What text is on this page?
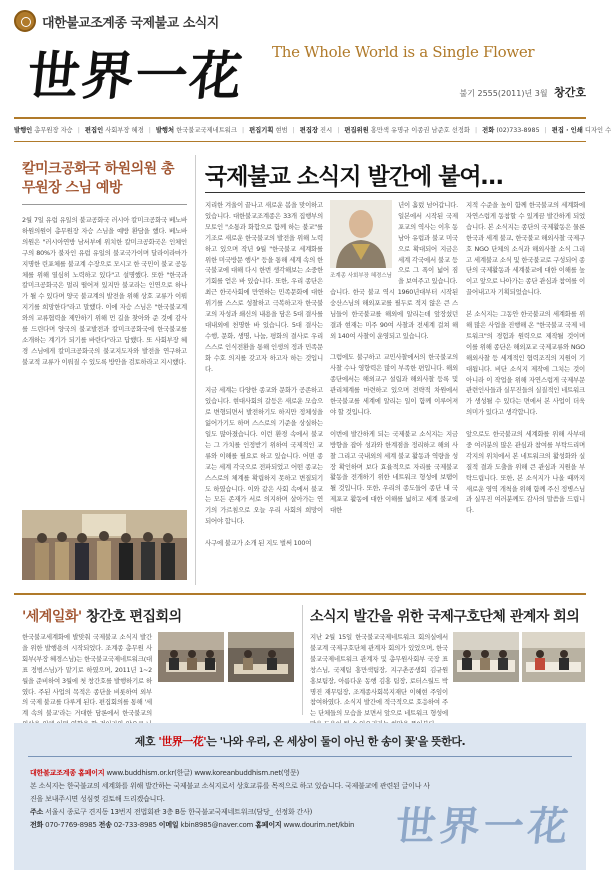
대한불교조계종 국제불교 소식지
世界一花 The Whole World is a Single Flower
불기 2555(2011)년 3월 창간호
발행인 총무원장 자승 | 편집인 사회부장 혜경 | 발행처 한국불교국제네트워크 | 편집기획 현범 | 편집장 진시 | 편집위원 홍만색 유명규 이종권 남준호 선정화 | 전화 (02)733-8985 | 편집 · 인쇄 디자인 수
칼미크공화국 하원의원 총무원장 스님 예방
2월 7일 유럽 유일의 불교공화국 러시아 칼미크공화국 베노바 하원의원이 총무원장 자승 스님을 예방 환담을 했다. 베노바 의원은 "러시아연방 남서부에 위치한 칼미크공화국은 인체인구의 80%가 불자인 유럽 유일의 불교국가이며 달라이라마가 지명한 린포체를 불교계 수장으로 모시고 한 국민이 불교 공동체를 위해 열심히 노력하고 있다"고 설명했다. 또한 "한국과 칼미크공화국은 멀리 떨어져 있지만 불교라는 인연으로 하나가 될 수 있다며 양국 불교계의 발전을 위해 상호 교류가 이뤄지기를 희망한다"라고 말했다. 이에 자승 스님은 "한국불교계와의 교류협력을 제안하기 위해 먼 길을 찾아와 준 것에 감사를 드린다며 양국의 불교발전과 칼미크공화국에 한국불교를 소개하는 계기가 되기를 바란다"라고 답했다. 또 사회부장 혜경 스님에게 칼미크공화국의 불교지도자와 발전을 연구하고 불교적 교류가 이뤄질 수 있도록 방안을 검토하라고 지시했다.
국제불교 소식지 발간에 붙여…
지리한 겨울이 끝나고 새로운 봄을 맞이하고 있습니다. 대한불교조계종은 33개 집행부의 모토인 "소통과 화합으로 함께 하는 불교"를 기조로 새로운 한국불교의 발전을 위해 노력하고 있으며 작년 9월 "한국불교 세계화를 위한 미국방문 행사" 등을 통해 세계 속의 한국불교에 대해 다시 한번 생각해보는 소중한 기회를 얻은 바 있습니다. 또한, 우리 종단은 최근 한국사회에 만연하는 민족문화에 대한 위기를 스스로 성찰하고 극복하고자 한국불교의 자성과 쇄신의 내용을 담은 5대 결사를 대내외에 천명한 바 있습니다. 5대 결사는 수행, 문화, 생명, 나눔, 평화의 결사로 우리 스스로 인식전환을 통해 인생의 정과 민족문화 수호 의지를 갖고자 하고자 하는 것입니다.

지금 세계는 다양한 종교와 문화가 공존하고 있습니다. 현대사회의 갈등은 새로운 모습으로 변형되면서 발전하기도 하지만 정체성을 잃어가기도 하며 스스로의 기준을 상실하는 일도 많아졌습니다. 이런 환경 속에서 불교는 그 가치를 인정받기 위하여 국제적인 교류와 이해를 필요로 하고 있습니다. 어떤 종교는 세계 각국으로 전파되었고 어떤 종교는 스스로의 체계를 확립하지 못하고 변질되기도 하였습니다. 이와 같은 사회 속에서 불교는 모든 존재가 서로 의지하며 살아가는 연기의 가르침으로 오늘 우리 사회의 희망이 되어야 합니다.

사구에 불교가 소개 된 지도 벌써 100여
조계종 사회부장 혜경스님
년이 흘렀 넘어갑니다. 일본에서 시작된 국제포교의 역사는 이후 동남아 유럽과 불교 미국으로 확대되어 지금은 세계 각국에서 불교 등으로 그 폭이 넓어 짐을 보여주고 있습니다.
습니다. 한국 불교 역시 1960년대부터 시작된 숭산스님의 해외포교를 필두로 적지 않은 큰 스님들이 한국불교를 해외에 알리는데 앞장섰던 결과 현재는 미주 90여 사찰과 전세계 걸쳐 해외 140여 사찰이 운영되고 있습니다.

그럼에도 불구하고 교민사찰에서의 한국불교의 사찰 수나 영향력은 많이 부족한 편입니다. 해외 종단에서는 해외교구 설립과 해외사찰 등록 및 관리체계를 마련하고 있으며 전략적 차원에서 한국불교를 세계에 알리는 일이 함께 이루어져야 할 것입니다.

이번에 발간하게 되는 국제불교 소식지는 지금 방향을 잡아 성과와 한계점을 정리하고 해외 사찰 그리고 국내외의 세계 불교 활동과 역량을 성장 확인하며 보다 효율적으로 자리를 국제불교 활동을 전개하기 위한 네트워크 형성에 보탬이 될 것입니다. 또한, 우리의 종도들이 종단 내 국제포교 활동에 대한 이해를 넓히고 세계 불교에 대한
지적 수준을 높이 함께 한국불교의 세계화에 자연스럽게 동참할 수 있게끔 발간하게 되었습니다. 본 소식지는 종단의 국제활동은 물론 한국과 세계 불교, 한국불교 해외사찰 국제구호 NGO 단체의 소식과 해외사찰 소식 그리고 세계불교 소식 및 한국불교로 구성되어 종단의 국제활동과 세계불교에 대한 이해를 높이고 앞으로 나아가는 종단 관심과 참여를 이끌어내고자 기획되었습니다.

본 소식지는 그동안 한국불교의 세계화를 위해 많은 사업을 진행해 온 "한국불교 국제 네트워크"의 경험과 원력으로 제작될 것이며 이를 위해 종단은 해외포교 국제교류와 NGO 해외사찰 등 세계적인 협력조직의 지원이 기대됩니다. 비단 소식지 제작에 그치는 것이 아니라 이 작업을 위해 자연스럽게 국제부문 관련인사들과 실무진들의 실질적인 네트워크가 생성될 수 있다는 면에서 본 사업이 더욱 의미가 있다고 생각합니다.

앞으로도 한국불교의 세계화를 위해 사부대중 여러분의 많은 관심과 참여를 부탁드리며 각지의 위치에서 본 네트워크의 활성화와 실질적 결과 도출을 위해 큰 관심과 지원을 부탁드립니다. 또한, 본 소식지가 나올 때까지 새로운 영역 개척을 위해 함께 주신 정병스님과 실무진 여러분께도 감사의 말씀을 드립니다.
'세계일화' 창간호 편집회의
한국불교세계화에 발맞춰 국제불교 소식지 발간을 위한 발행용의 시작되었다. 조계종 총무원 사회부(부장 혜경스님)는 한국불교국제네트워크(대표 정범스님)가 맡기로 하였으며, 2011년 1~2월을 준비하여 3월에 첫 창간호를 발행하기로 하였다. 주된 사업의 목적은 종단을 비롯하여 외부의 국제 불교를 다루게 된다. 편집회의를 통해 '세계 속의 불교'라는 거대한 담론에서 한국불교의
소식지 발간을 위한 국제구호단체 관계자 회의
지난 2월 15일 한국불교국제네트워크 회의실에서 불교계 국제구호단체 관계자 회의가 있었으며, 한국불교국제네트워크 관계자 및 총무원사회부 국장 표창스님, 국제팀 홍만색팀장, 지구촌공생회 김규원 홍보팀장, 아름다운 동행 김홍 팀장, 로터스월드 박명진 재무팀장, 조계종사회복지재단 이혜현 주임이 참여하였다. 소식지 발간에 적극적으로 호응하여 주는 단체들의 모습을 보면서 앞으로 네트워크 형성에
제호 '世界一花'는 '나와 우리, 온 세상이 둘이 아닌 한 송이 꽃'을 뜻한다.
대한불교조계종 홈페이지 www.buddhism.or.kr(한글) www.koreanbuddhism.net(영문)
본 소식지는 한국불교의 세계화를 위해 발간하는 국제불교 소식지로서 상호교류를 목적으로 하고 있습니다. 국제불교에 관련된 글이나 사진을 보내주시면 성심껏 검토해 드리겠습니다.
주소 서울시 종로구 견지동 13번지 전법회관 3층 B동 한국불교국제네트워크(담당_ 선정화 간사)
전화 070-7769-8985 전송 02-733-8985 이메일 kbin8985@naver.com 홈페이지 www.dourim.net/kbin 世界一花
